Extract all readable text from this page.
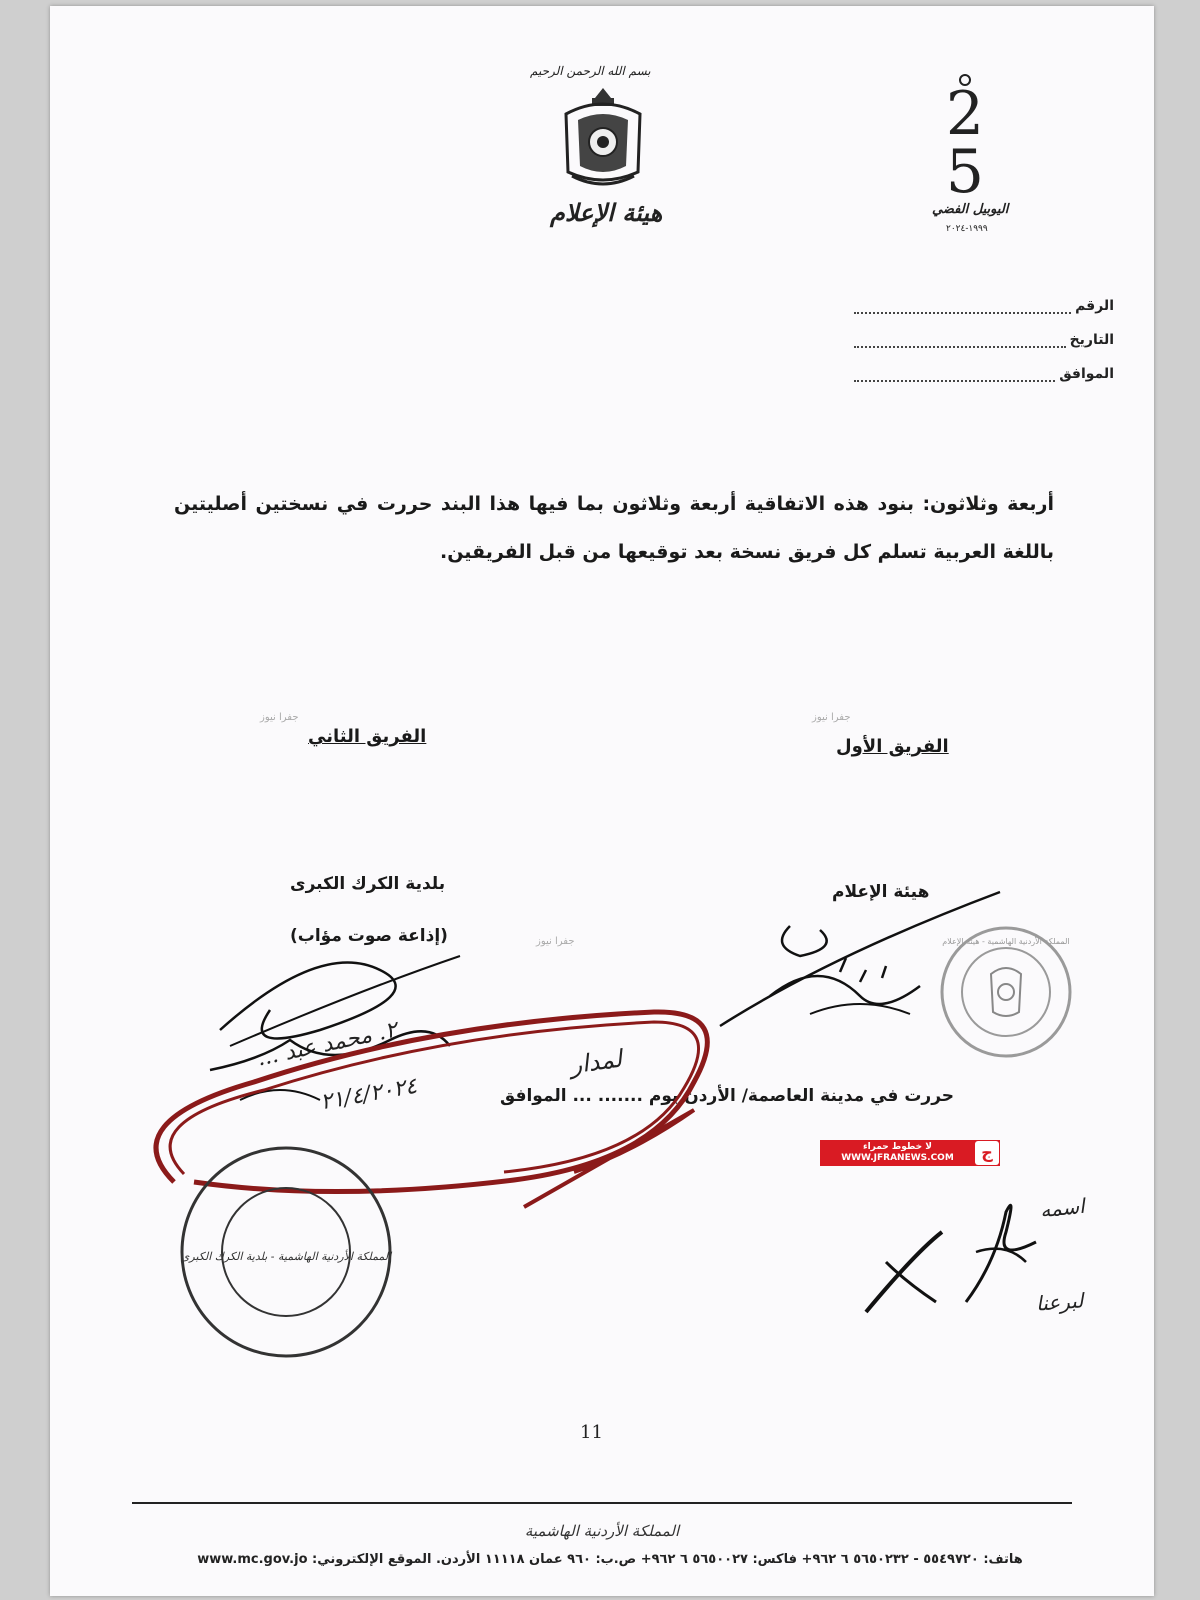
بسم الله الرحمن الرحيم
هيئة الإعلام
2
5
اليوبيل الفضي
١٩٩٩-٢٠٢٤
الرقم
التاريخ
الموافق
أربعة وثلاثون: بنود هذه الاتفاقية أربعة وثلاثون بما فيها هذا البند حررت في نسختين أصليتين باللغة العربية تسلم كل فريق نسخة بعد توقيعها من قبل الفريقين.
جفرا نيوز
جفرا نيوز
جفرا نيوز
الفريق الأول
الفريق الثاني
هيئة الإعلام
بلدية الكرك الكبرى
(إذاعة صوت مؤاب)
حررت في مدينة العاصمة/ الأردن يوم ....... ... الموافق
لمدار
٢١/٤/٢٠٢٤
٢. محمد عبد ...
اسمه
لبرعنا
المملكة الأردنية الهاشمية - هيئة الإعلام
المملكة الأردنية الهاشمية - بلدية الكرك الكبرى
لا خطوط حمراء
WWW.JFRANEWS.COM	ج
11
المملكة الأردنية الهاشمية
هاتف: ٥٥٤٩٧٢٠ - ٥٦٥٠٢٣٢ ٦ ٩٦٢+ فاكس: ٥٦٥٠٠٢٧ ٦ ٩٦٢+ ص.ب: ٩٦٠ عمان ١١١١٨ الأردن. الموقع الإلكتروني: www.mc.gov.jo
